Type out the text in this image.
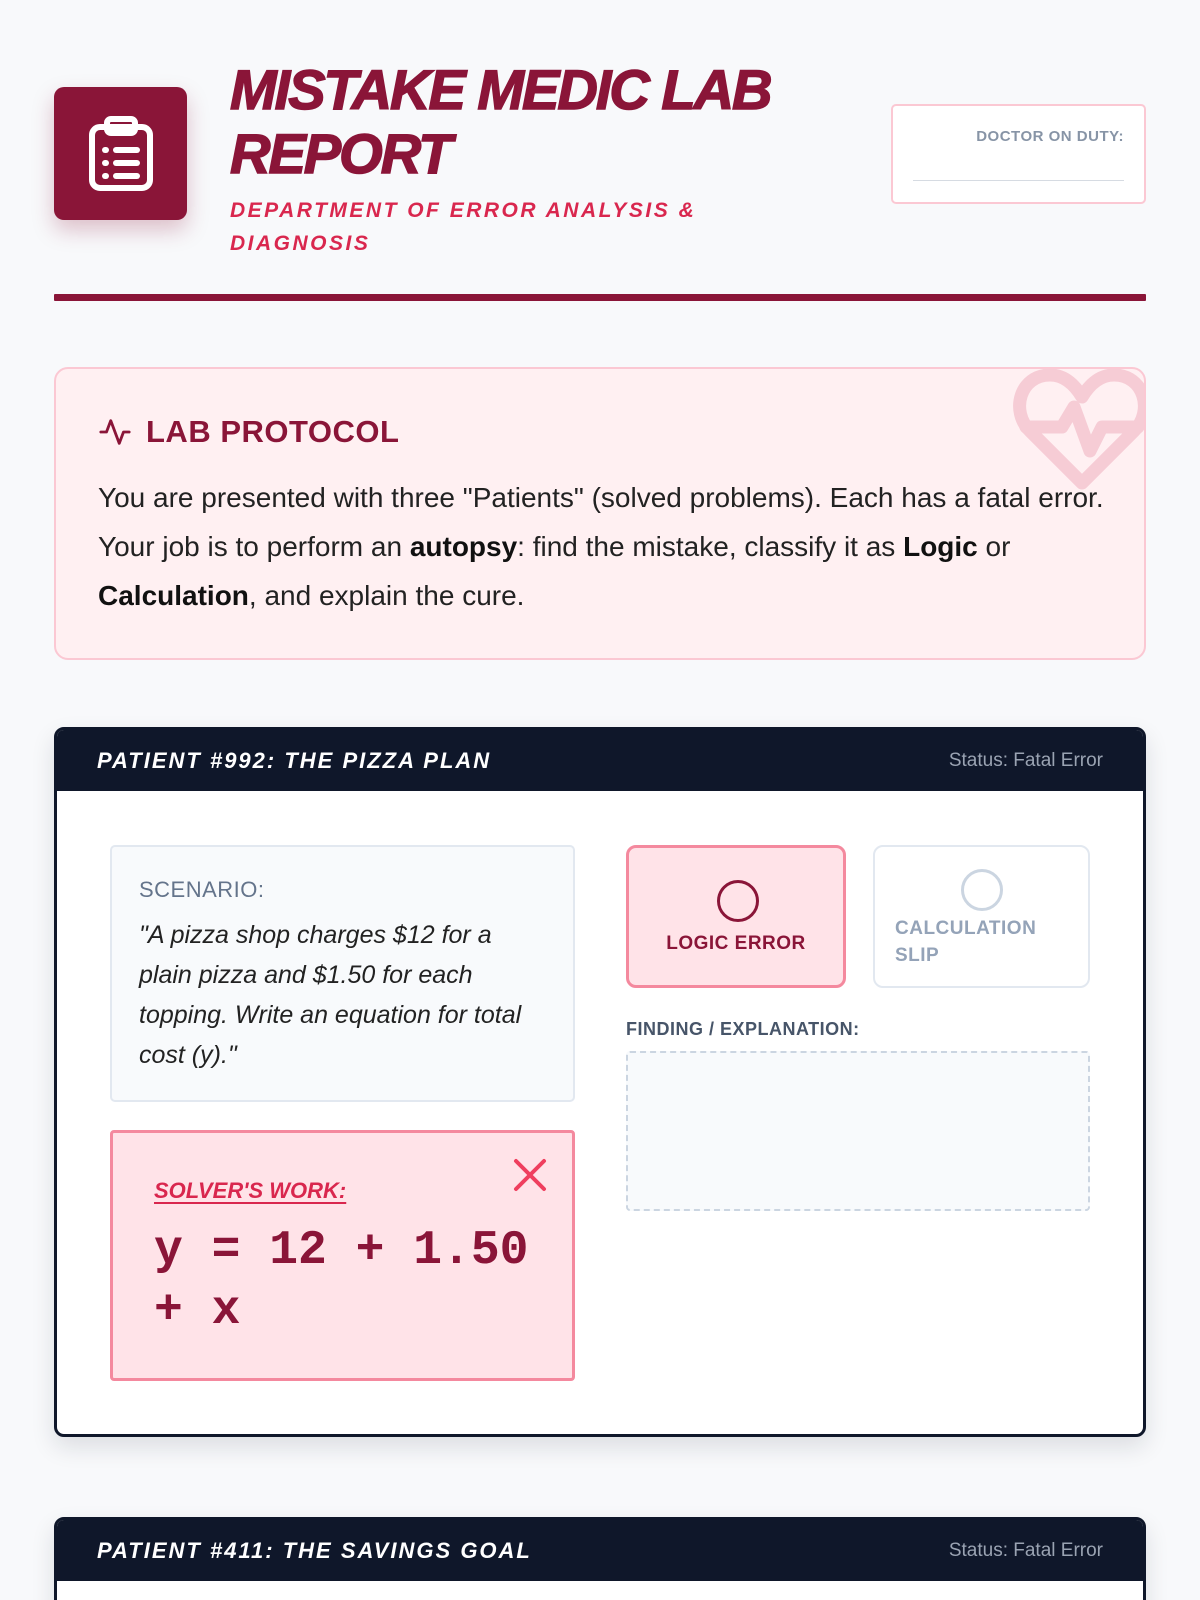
MISTAKE MEDIC LAB REPORT
DEPARTMENT OF ERROR ANALYSIS & DIAGNOSIS
DOCTOR ON DUTY:
LAB PROTOCOL
You are presented with three "Patients" (solved problems). Each has a fatal error. Your job is to perform an autopsy: find the mistake, classify it as Logic or Calculation, and explain the cure.
PATIENT #992: THE PIZZA PLAN	Status: Fatal Error
SCENARIO:
"A pizza shop charges $12 for a plain pizza and $1.50 for each topping. Write an equation for total cost (y)."
SOLVER'S WORK:
y = 12 + 1.50 + x
LOGIC ERROR
CALCULATION SLIP
FINDING / EXPLANATION:
PATIENT #411: THE SAVINGS GOAL	Status: Fatal Error
